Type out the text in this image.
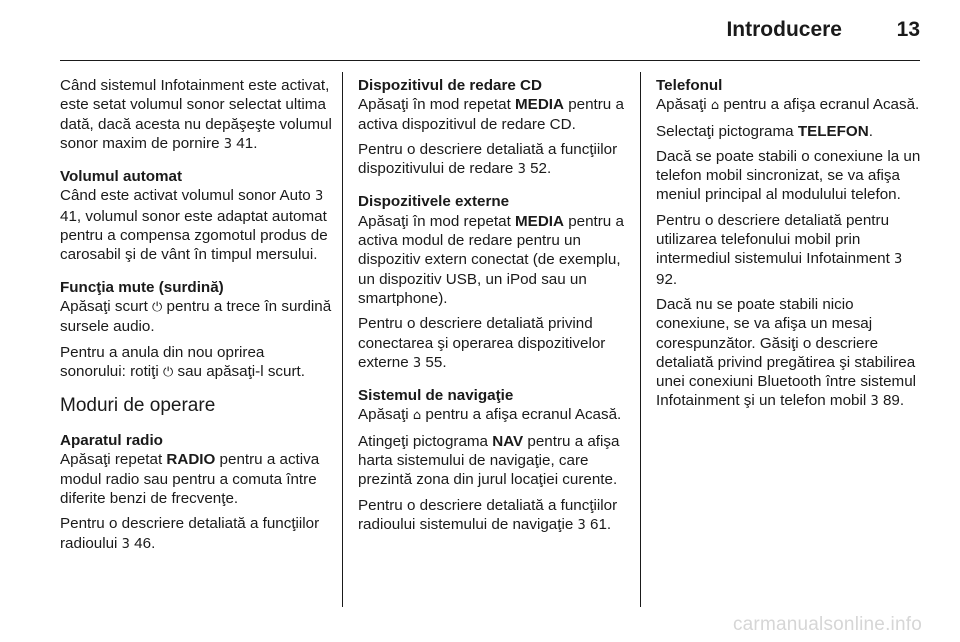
Introducere	13

Când sistemul Infotainment este activat, este setat volumul sonor selectat ultima dată, dacă acesta nu depăşeşte volumul sonor maxim de pornire 3 41.

Volumul automat

Când este activat volumul sonor Auto 3 41, volumul sonor este adaptat automat pentru a compensa zgomotul produs de carosabil şi de vânt în timpul mersului.

Funcţia mute (surdină)

Apăsaţi scurt ⏻ pentru a trece în surdină sursele audio.

Pentru a anula din nou oprirea sonorului: rotiţi ⏻ sau apăsaţi-l scurt.

Moduri de operare
Aparatul radio

Apăsaţi repetat RADIO pentru a activa modul radio sau pentru a comuta între diferite benzi de frecvenţe.

Pentru o descriere detaliată a funcţiilor radioului 3 46.

Dispozitivul de redare CD

Apăsaţi în mod repetat MEDIA pentru a activa dispozitivul de redare CD.

Pentru o descriere detaliată a funcţiilor dispozitivului de redare 3 52.

Dispozitivele externe

Apăsaţi în mod repetat MEDIA pentru a activa modul de redare pentru un dispozitiv extern conectat (de exemplu, un dispozitiv USB, un iPod sau un smartphone).

Pentru o descriere detaliată privind conectarea şi operarea dispozitivelor externe 3 55.

Sistemul de navigaţie

Apăsaţi ⌂ pentru a afişa ecranul Acasă.

Atingeţi pictograma NAV pentru a afişa harta sistemului de navigaţie, care prezintă zona din jurul locaţiei curente.

Pentru o descriere detaliată a funcţiilor radioului sistemului de navigaţie 3 61.

Telefonul

Apăsaţi ⌂ pentru a afişa ecranul Acasă.

Selectaţi pictograma TELEFON.

Dacă se poate stabili o conexiune la un telefon mobil sincronizat, se va afişa meniul principal al modulului telefon.

Pentru o descriere detaliată pentru utilizarea telefonului mobil prin intermediul sistemului Infotainment 3 92.

Dacă nu se poate stabili nicio conexiune, se va afişa un mesaj corespunzător. Găsiţi o descriere detaliată privind pregătirea şi stabilirea unei conexiuni Bluetooth între sistemul Infotainment şi un telefon mobil 3 89.

carmanualsonline.info
